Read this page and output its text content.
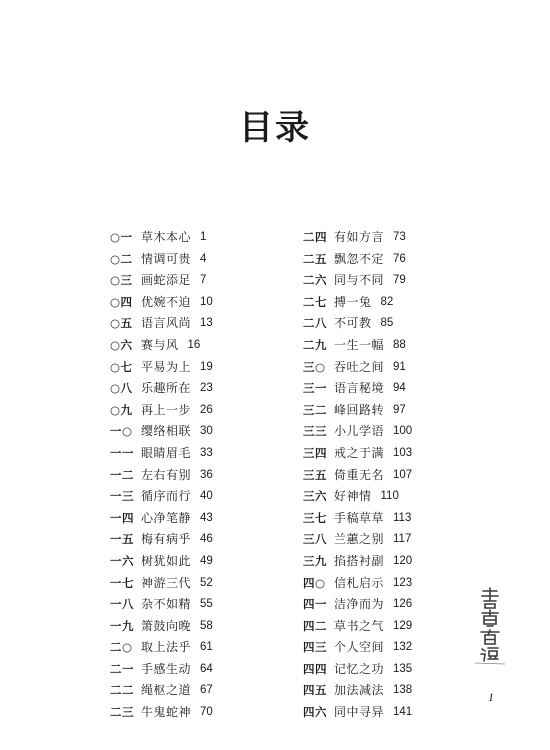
目录
○一 草木本心 1
○二 情调可贵 4
○三 画蛇添足 7
○四 优婉不迫 10
○五 语言风尚 13
○六 赛与风 16
○七 平易为上 19
○八 乐趣所在 23
○九 再上一步 26
一○ 缨络相联 30
一一 眼睛眉毛 33
一二 左右有别 36
一三 循序而行 40
一四 心净笔静 43
一五 梅有病乎 46
一六 树犹如此 49
一七 神游三代 52
一八 杂不如精 55
一九 箫鼓向晚 58
二○ 取上法乎 61
二一 手感生动 64
二二 绳枢之道 67
二三 牛鬼蛇神 70
二四 有如方言 73
二五 飘忽不定 76
二六 同与不同 79
二七 搏一兔 82
二八 不可教 85
二九 一生一幅 88
三○ 吞吐之间 91
三一 语言秘境 94
三二 峰回路转 97
三三 小儿学语 100
三四 戒之于满 103
三五 倚重无名 107
三六 好神情 110
三七 手稿草草 113
三八 兰蕙之别 117
三九 掐搭衬副 120
四○ 信札启示 123
四一 洁净而为 126
四二 草书之气 129
四三 个人空间 132
四四 记忆之功 135
四五 加法减法 138
四六 同中寻异 141
1
